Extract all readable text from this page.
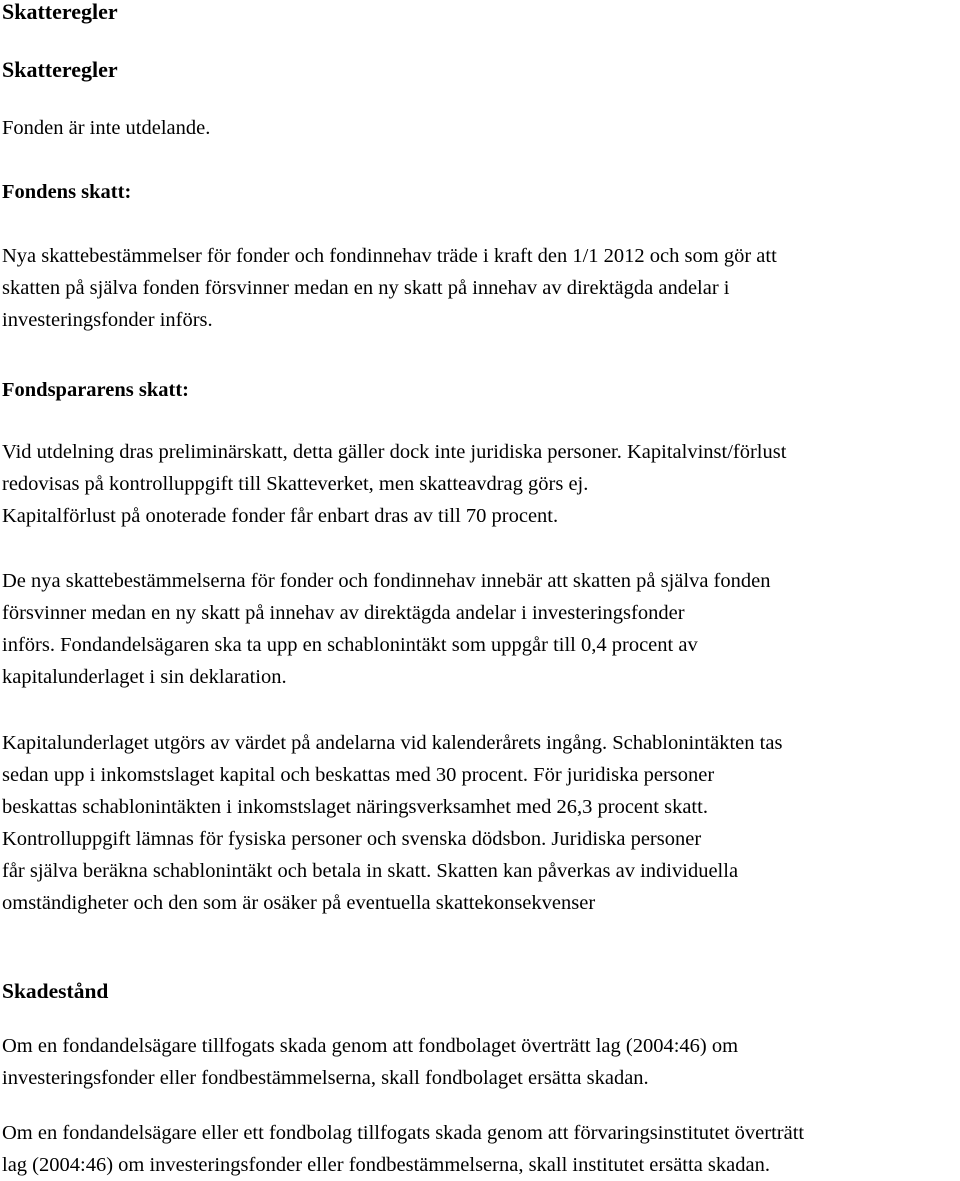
Skatteregler
Skatteregler
Fonden är inte utdelande.
Fondens skatt:
Nya skattebestämmelser för fonder och fondinnehav träde i kraft den 1/1 2012 och som gör att
skatten på själva fonden försvinner medan en ny skatt på innehav av direktägda andelar i
investeringsfonder införs.
Fondspararens skatt:
Vid utdelning dras preliminärskatt, detta gäller dock inte juridiska personer. Kapitalvinst/förlust
redovisas på kontrolluppgift till Skatteverket, men skatteavdrag görs ej.
Kapitalförlust på onoterade fonder får enbart dras av till 70 procent.
De nya skattebestämmelserna för fonder och fondinnehav innebär att skatten på själva fonden
försvinner medan en ny skatt på innehav av direktägda andelar i investeringsfonder
införs. Fondandelsägaren ska ta upp en schablonintäkt som uppgår till 0,4 procent av
kapitalunderlaget i sin deklaration.
Kapitalunderlaget utgörs av värdet på andelarna vid kalenderårets ingång. Schablonintäkten tas
sedan upp i inkomstslaget kapital och beskattas med 30 procent. För juridiska personer
beskattas schablonintäkten i inkomstslaget näringsverksamhet med 26,3 procent skatt.
Kontrolluppgift lämnas för fysiska personer och svenska dödsbon. Juridiska personer
får själva beräkna schablonintäkt och betala in skatt. Skatten kan påverkas av individuella
omständigheter och den som är osäker på eventuella skattekonsekvenser
Skadestånd
Om en fondandelsägare tillfogats skada genom att fondbolaget överträtt lag (2004:46) om
investeringsfonder eller fondbestämmelserna, skall fondbolaget ersätta skadan.
Om en fondandelsägare eller ett fondbolag tillfogats skada genom att förvaringsinstitutet överträtt
lag (2004:46) om investeringsfonder eller fondbestämmelserna, skall institutet ersätta skadan.
